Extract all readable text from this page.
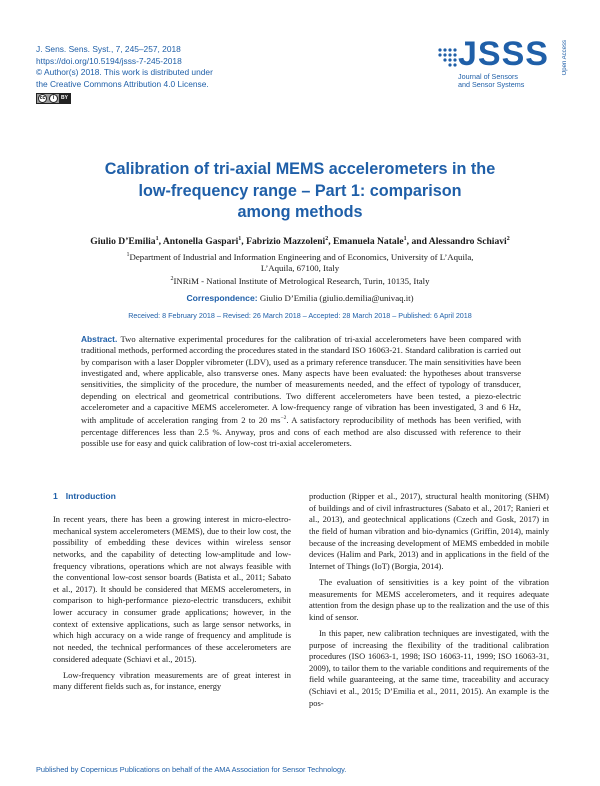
J. Sens. Sens. Syst., 7, 245–257, 2018
https://doi.org/10.5194/jsss-7-245-2018
© Author(s) 2018. This work is distributed under
the Creative Commons Attribution 4.0 License.
cc	i	BY
JSSS
Journal of Sensors
and Sensor Systems
Open Access
Calibration of tri-axial MEMS accelerometers in the
low-frequency range – Part 1: comparison
among methods
Giulio D’Emilia$^1$, Antonella Gaspari$^1$, Fabrizio Mazzoleni$^2$, Emanuela Natale$^1$, and Alessandro Schiavi$^2$
$^1$Department of Industrial and Information Engineering and of Economics, University of L’Aquila,
L’Aquila, 67100, Italy
$^2$INRiM - National Institute of Metrological Research, Turin, 10135, Italy
Correspondence: Giulio D’Emilia (giulio.demilia@univaq.it)
Received: 8 February 2018 – Revised: 26 March 2018 – Accepted: 28 March 2018 – Published: 6 April 2018
Abstract. Two alternative experimental procedures for the calibration of tri-axial accelerometers have been compared with traditional methods, performed according the procedures stated in the standard ISO 16063-21. Standard calibration is carried out by comparison with a laser Doppler vibrometer (LDV), used as a primary reference transducer. The main sensitivities have been investigated and, where applicable, also transverse ones. Many aspects have been evaluated: the hypotheses about transverse sensitivities, the simplicity of the procedure, the number of measurements needed, and the effect of typology of transducer, depending on electrical and geometrical contributions. Two different accelerometers have been tested, a piezo-electric accelerometer and a capacitive MEMS accelerometer. A low-frequency range of vibration has been investigated, 3 and 6 Hz, with amplitude of acceleration ranging from 2 to 20 $ms^{-2}$. A satisfactory reproducibility of methods has been verified, with percentage differences less than 2.5 %. Anyway, pros and cons of each method are also discussed with reference to their possible use for easy and quick calibration of low-cost tri-axial accelerometers.
1 Introduction

In recent years, there has been a growing interest in micro-electro-mechanical system accelerometers (MEMS), due to their low cost, the possibility of embedding these devices within wireless sensor networks, and the capability of detecting low-amplitude and low-frequency vibrations, operations which are not always feasible with the conventional low-cost sensor boards (Batista et al., 2011; Sabato et al., 2017). It should be considered that MEMS accelerometers, in comparison to high-performance piezo-electric transducers, exhibit lower accuracy in consumer grade applications; however, in the context of extensive applications, such as large sensor networks, in which high accuracy on a wide range of frequency and amplitude is not needed, the technical performances of these accelerometers are considered adequate (Schiavi et al., 2015).

Low-frequency vibration measurements are of great interest in many different fields such as, for instance, energy

production (Ripper et al., 2017), structural health monitoring (SHM) of buildings and of civil infrastructures (Sabato et al., 2017; Ranieri et al., 2013), and geotechnical applications (Czech and Gosk, 2017) in the field of human vibration and bio-dynamics (Griffin, 2014), mainly because of the increasing development of MEMS embedded in mobile devices (Halim and Park, 2013) and in applications in the field of the Internet of Things (IoT) (Borgia, 2014).

The evaluation of sensitivities is a key point of the vibration measurements for MEMS accelerometers, and it requires adequate attention from the design phase up to the realization and the use of this kind of sensor.

In this paper, new calibration techniques are investigated, with the purpose of increasing the flexibility of the traditional calibration procedures (ISO 16063-1, 1998; ISO 16063-11, 1999; ISO 16063-31, 2009), to tailor them to the variable conditions and requirements of the field while guaranteeing, at the same time, traceability and accuracy (Schiavi et al., 2015; D’Emilia et al., 2011, 2015). An example is the pos-

Published by Copernicus Publications on behalf of the AMA Association for Sensor Technology.
